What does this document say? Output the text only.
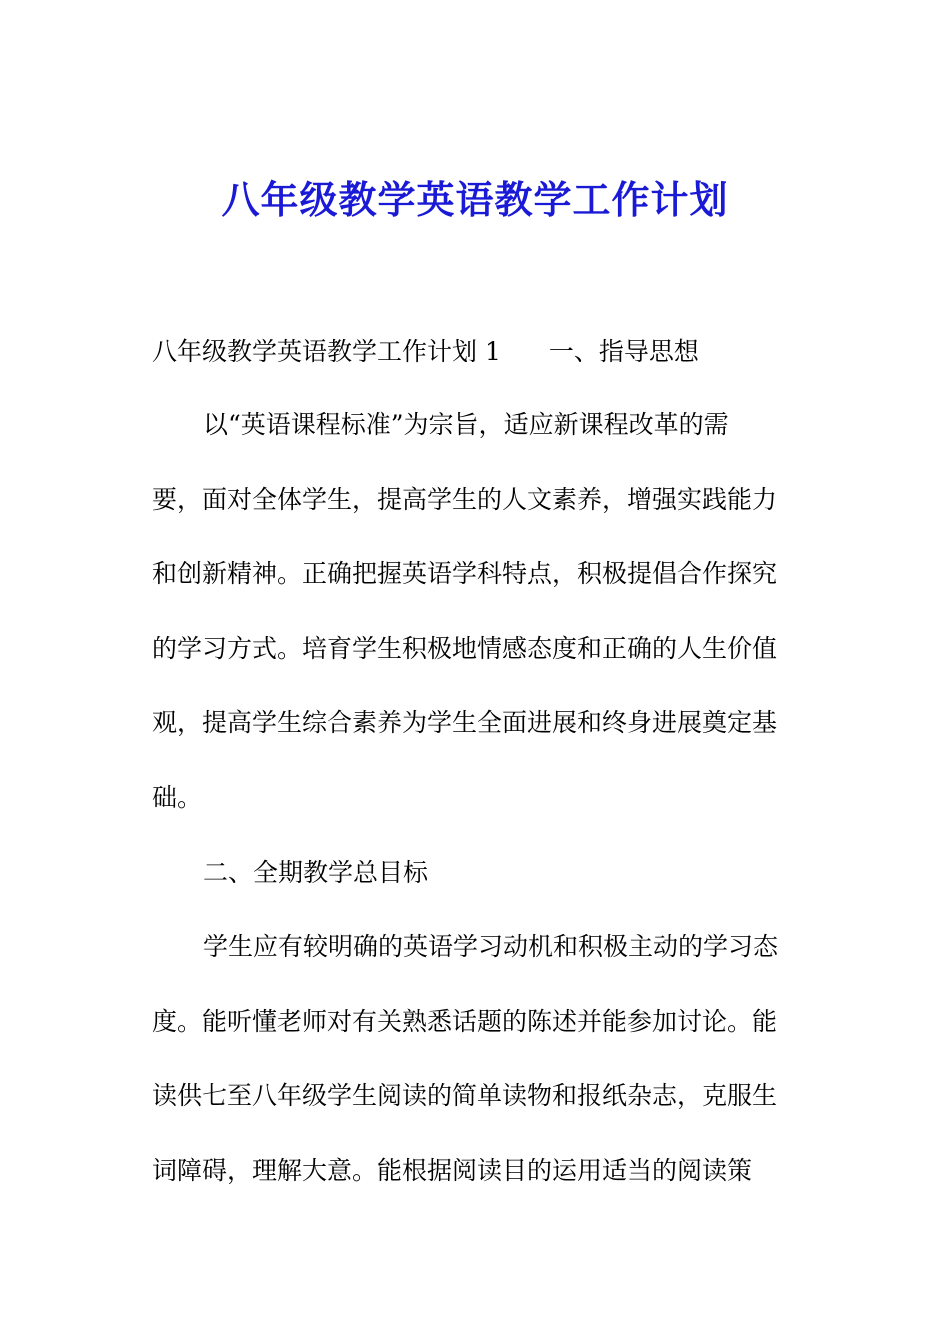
八年级教学英语教学工作计划
八年级教学英语教学工作计划 1 一、指导思想
以“英语课程标准”为宗旨，适应新课程改革的需
要，面对全体学生，提高学生的人文素养，增强实践能力
和创新精神。正确把握英语学科特点，积极提倡合作探究
的学习方式。培育学生积极地情感态度和正确的人生价值
观，提高学生综合素养为学生全面进展和终身进展奠定基
础。
二、全期教学总目标
学生应有较明确的英语学习动机和积极主动的学习态
度。能听懂老师对有关熟悉话题的陈述并能参加讨论。能
读供七至八年级学生阅读的简单读物和报纸杂志，克服生
词障碍，理解大意。能根据阅读目的运用适当的阅读策
